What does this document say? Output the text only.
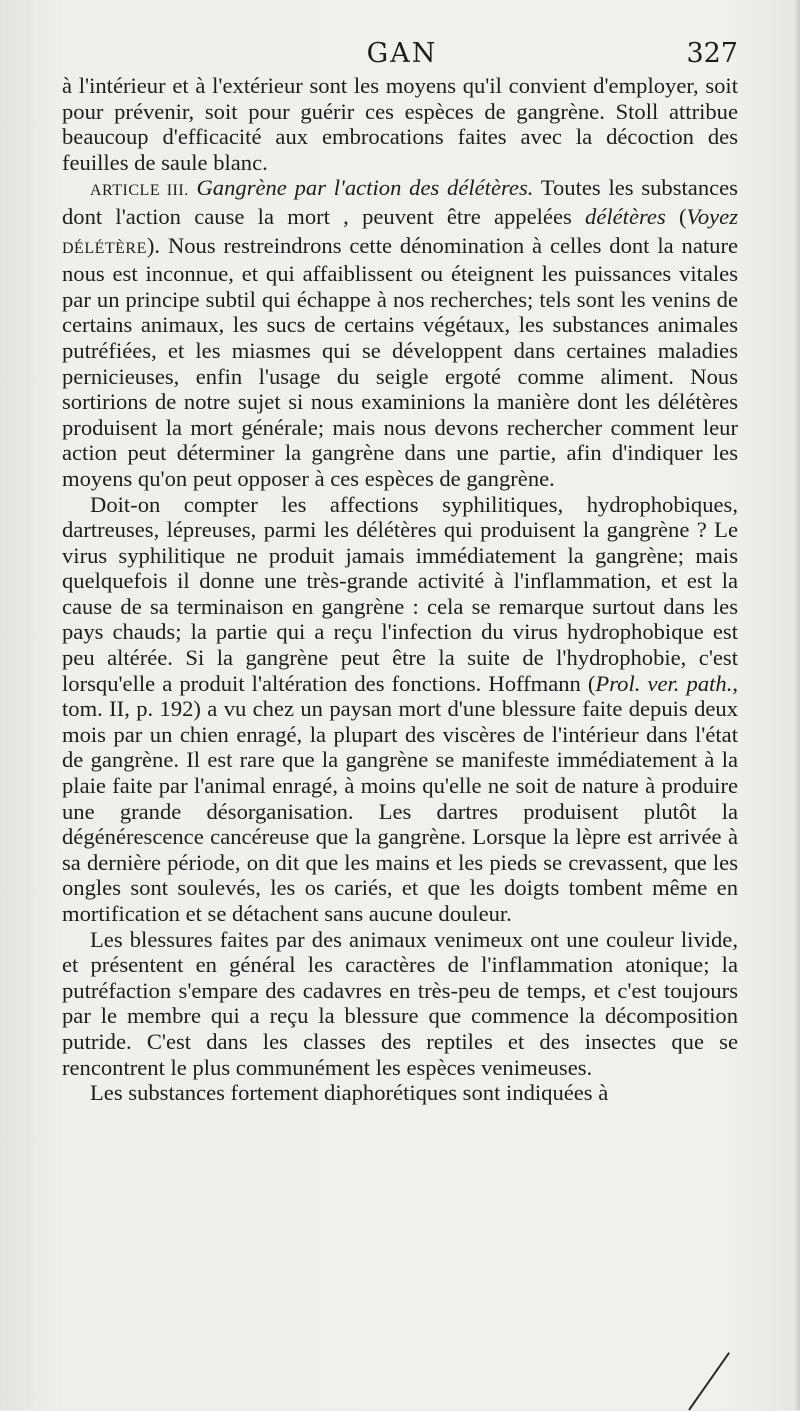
GAN	327

à l'intérieur et à l'extérieur sont les moyens qu'il convient d'employer, soit pour prévenir, soit pour guérir ces espèces de gangrène. Stoll attribue beaucoup d'efficacité aux embrocations faites avec la décoction des feuilles de saule blanc.

ARTICLE III. Gangrène par l'action des délétères. Toutes les substances dont l'action cause la mort , peuvent être appelées délétères (Voyez DÉLÉTÈRE). Nous restreindrons cette dénomination à celles dont la nature nous est inconnue, et qui affaiblissent ou éteignent les puissances vitales par un principe subtil qui échappe à nos recherches; tels sont les venins de certains animaux, les sucs de certains végétaux, les substances animales putréfiées, et les miasmes qui se développent dans certaines maladies pernicieuses, enfin l'usage du seigle ergoté comme aliment. Nous sortirions de notre sujet si nous examinions la manière dont les délétères produisent la mort générale; mais nous devons rechercher comment leur action peut déterminer la gangrène dans une partie, afin d'indiquer les moyens qu'on peut opposer à ces espèces de gangrène.

Doit-on compter les affections syphilitiques, hydrophobiques, dartreuses, lépreuses, parmi les délétères qui produisent la gangrène ? Le virus syphilitique ne produit jamais immédiatement la gangrène; mais quelquefois il donne une très-grande activité à l'inflammation, et est la cause de sa terminaison en gangrène : cela se remarque surtout dans les pays chauds; la partie qui a reçu l'infection du virus hydrophobique est peu altérée. Si la gangrène peut être la suite de l'hydrophobie, c'est lorsqu'elle a produit l'altération des fonctions. Hoffmann (Prol. ver. path., tom. II, p. 192) a vu chez un paysan mort d'une blessure faite depuis deux mois par un chien enragé, la plupart des viscères de l'intérieur dans l'état de gangrène. Il est rare que la gangrène se manifeste immédiatement à la plaie faite par l'animal enragé, à moins qu'elle ne soit de nature à produire une grande désorganisation. Les dartres produisent plutôt la dégénérescence cancéreuse que la gangrène. Lorsque la lèpre est arrivée à sa dernière période, on dit que les mains et les pieds se crevassent, que les ongles sont soulevés, les os cariés, et que les doigts tombent même en mortification et se détachent sans aucune douleur.

Les blessures faites par des animaux venimeux ont une couleur livide, et présentent en général les caractères de l'inflammation atonique; la putréfaction s'empare des cadavres en très-peu de temps, et c'est toujours par le membre qui a reçu la blessure que commence la décomposition putride. C'est dans les classes des reptiles et des insectes que se rencontrent le plus communément les espèces venimeuses.

Les substances fortement diaphorétiques sont indiquées à
